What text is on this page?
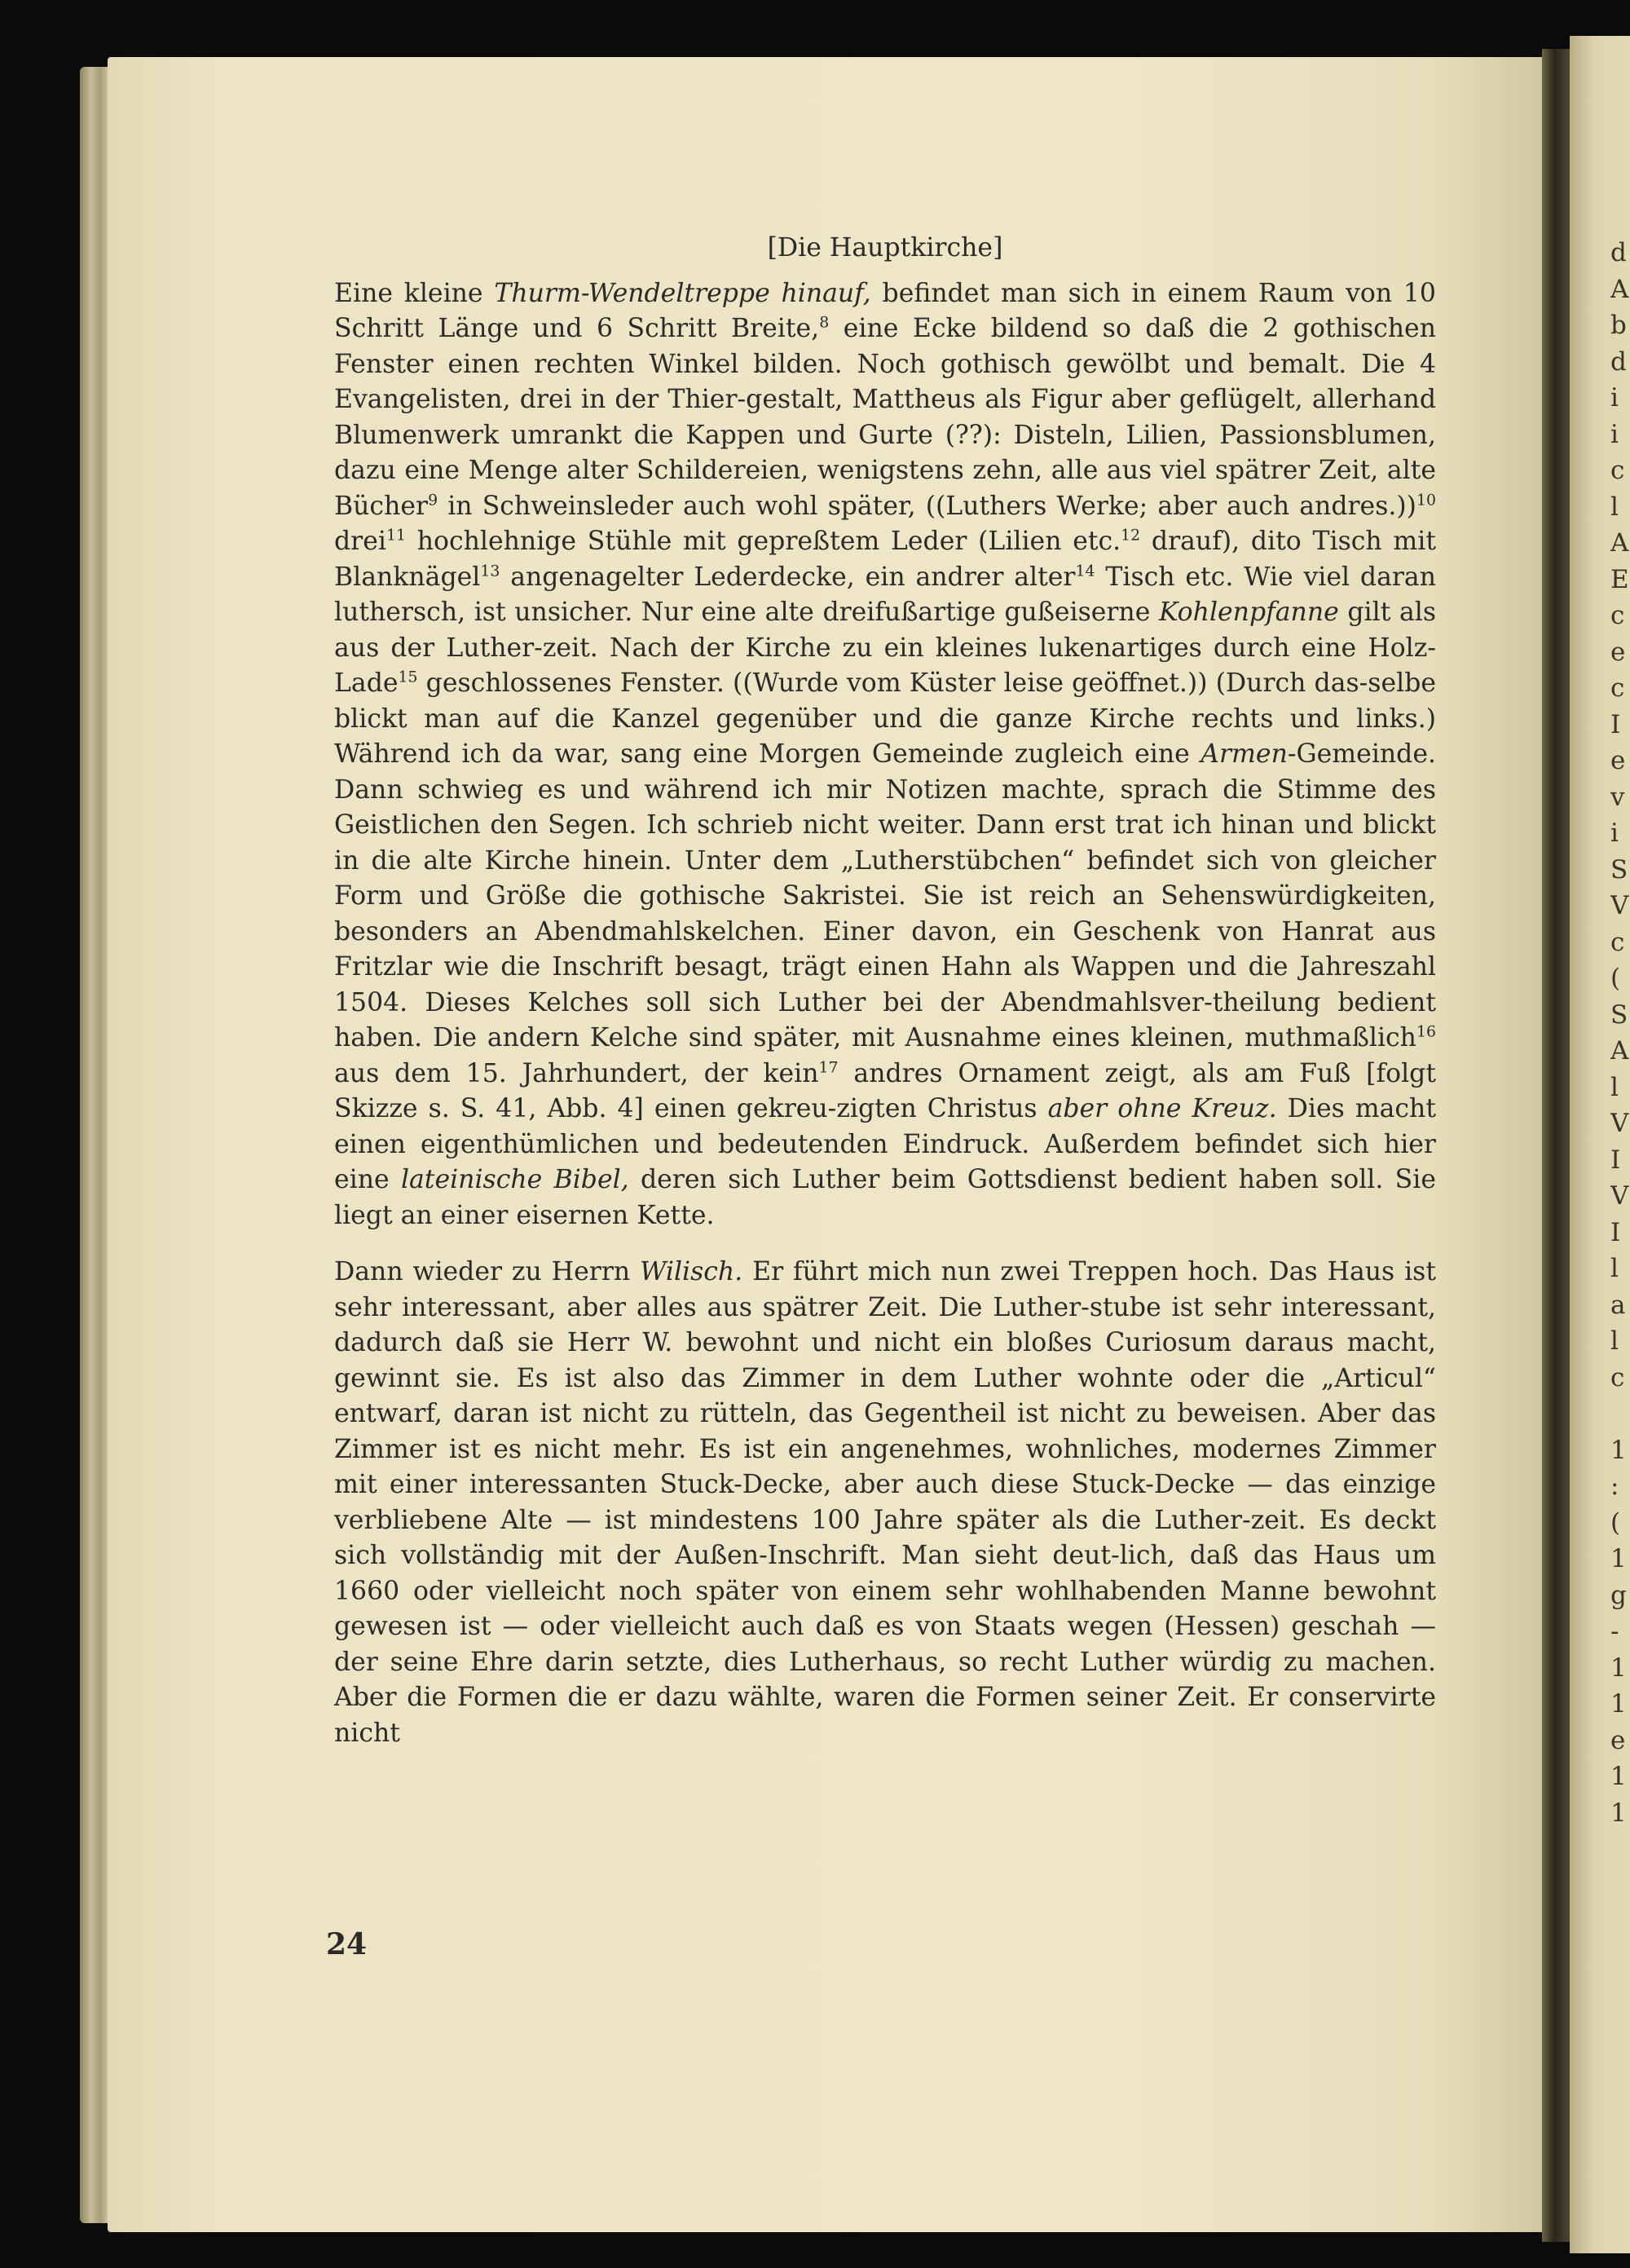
d
A
b
d
i
i
c
l
A
E
c
e
c
I
e
v
i
S
V
c
(
S
A
l
V
I
V
I
l
a
l
c

1
:
(
1
g
-
1
1
e
1
1
[Die Hauptkirche]

Eine kleine Thurm-Wendeltreppe hinauf, befindet man sich in einem Raum von 10 Schritt Länge und 6 Schritt Breite,$^8$ eine Ecke bildend so daß die 2 gothischen Fenster einen rechten Winkel bilden. Noch gothisch gewölbt und bemalt. Die 4 Evangelisten, drei in der Thier-gestalt, Mattheus als Figur aber geflügelt, allerhand Blumenwerk umrankt die Kappen und Gurte (??): Disteln, Lilien, Passionsblumen, dazu eine Menge alter Schildereien, wenigstens zehn, alle aus viel spätrer Zeit, alte Bücher$^9$ in Schweinsleder auch wohl später, ((Luthers Werke; aber auch andres.))$^{10}$ drei$^{11}$ hochlehnige Stühle mit gepreßtem Leder (Lilien etc.$^{12}$ drauf), dito Tisch mit Blanknägel$^{13}$ angenagelter Lederdecke, ein andrer alter$^{14}$ Tisch etc. Wie viel daran luthersch, ist unsicher. Nur eine alte dreifußartige gußeiserne Kohlenpfanne gilt als aus der Luther-zeit. Nach der Kirche zu ein kleines lukenartiges durch eine Holz-Lade$^{15}$ geschlossenes Fenster. ((Wurde vom Küster leise geöffnet.)) (Durch das-selbe blickt man auf die Kanzel gegenüber und die ganze Kirche rechts und links.) Während ich da war, sang eine Morgen Gemeinde zugleich eine Armen-Gemeinde. Dann schwieg es und während ich mir Notizen machte, sprach die Stimme des Geistlichen den Segen. Ich schrieb nicht weiter. Dann erst trat ich hinan und blickt in die alte Kirche hinein. Unter dem „Lutherstübchen“ befindet sich von gleicher Form und Größe die gothische Sakristei. Sie ist reich an Sehenswürdigkeiten, besonders an Abendmahlskelchen. Einer davon, ein Geschenk von Hanrat aus Fritzlar wie die Inschrift besagt, trägt einen Hahn als Wappen und die Jahreszahl 1504. Dieses Kelches soll sich Luther bei der Abendmahlsver-theilung bedient haben. Die andern Kelche sind später, mit Ausnahme eines kleinen, muthmaßlich$^{16}$ aus dem 15. Jahrhundert, der kein$^{17}$ andres Ornament zeigt, als am Fuß [folgt Skizze s. S. 41, Abb. 4] einen gekreu-zigten Christus aber ohne Kreuz. Dies macht einen eigenthümlichen und bedeutenden Eindruck. Außerdem befindet sich hier eine lateinische Bibel, deren sich Luther beim Gottsdienst bedient haben soll. Sie liegt an einer eisernen Kette.

Dann wieder zu Herrn Wilisch. Er führt mich nun zwei Treppen hoch. Das Haus ist sehr interessant, aber alles aus spätrer Zeit. Die Luther-stube ist sehr interessant, dadurch daß sie Herr W. bewohnt und nicht ein bloßes Curiosum daraus macht, gewinnt sie. Es ist also das Zimmer in dem Luther wohnte oder die „Articul“ entwarf, daran ist nicht zu rütteln, das Gegentheil ist nicht zu beweisen. Aber das Zimmer ist es nicht mehr. Es ist ein angenehmes, wohnliches, modernes Zimmer mit einer interessanten Stuck-Decke, aber auch diese Stuck-Decke — das einzige verbliebene Alte — ist mindestens 100 Jahre später als die Luther-zeit. Es deckt sich vollständig mit der Außen-Inschrift. Man sieht deut-lich, daß das Haus um 1660 oder vielleicht noch später von einem sehr wohlhabenden Manne bewohnt gewesen ist — oder vielleicht auch daß es von Staats wegen (Hessen) geschah — der seine Ehre darin setzte, dies Lutherhaus, so recht Luther würdig zu machen. Aber die Formen die er dazu wählte, waren die Formen seiner Zeit. Er conservirte nicht

24
